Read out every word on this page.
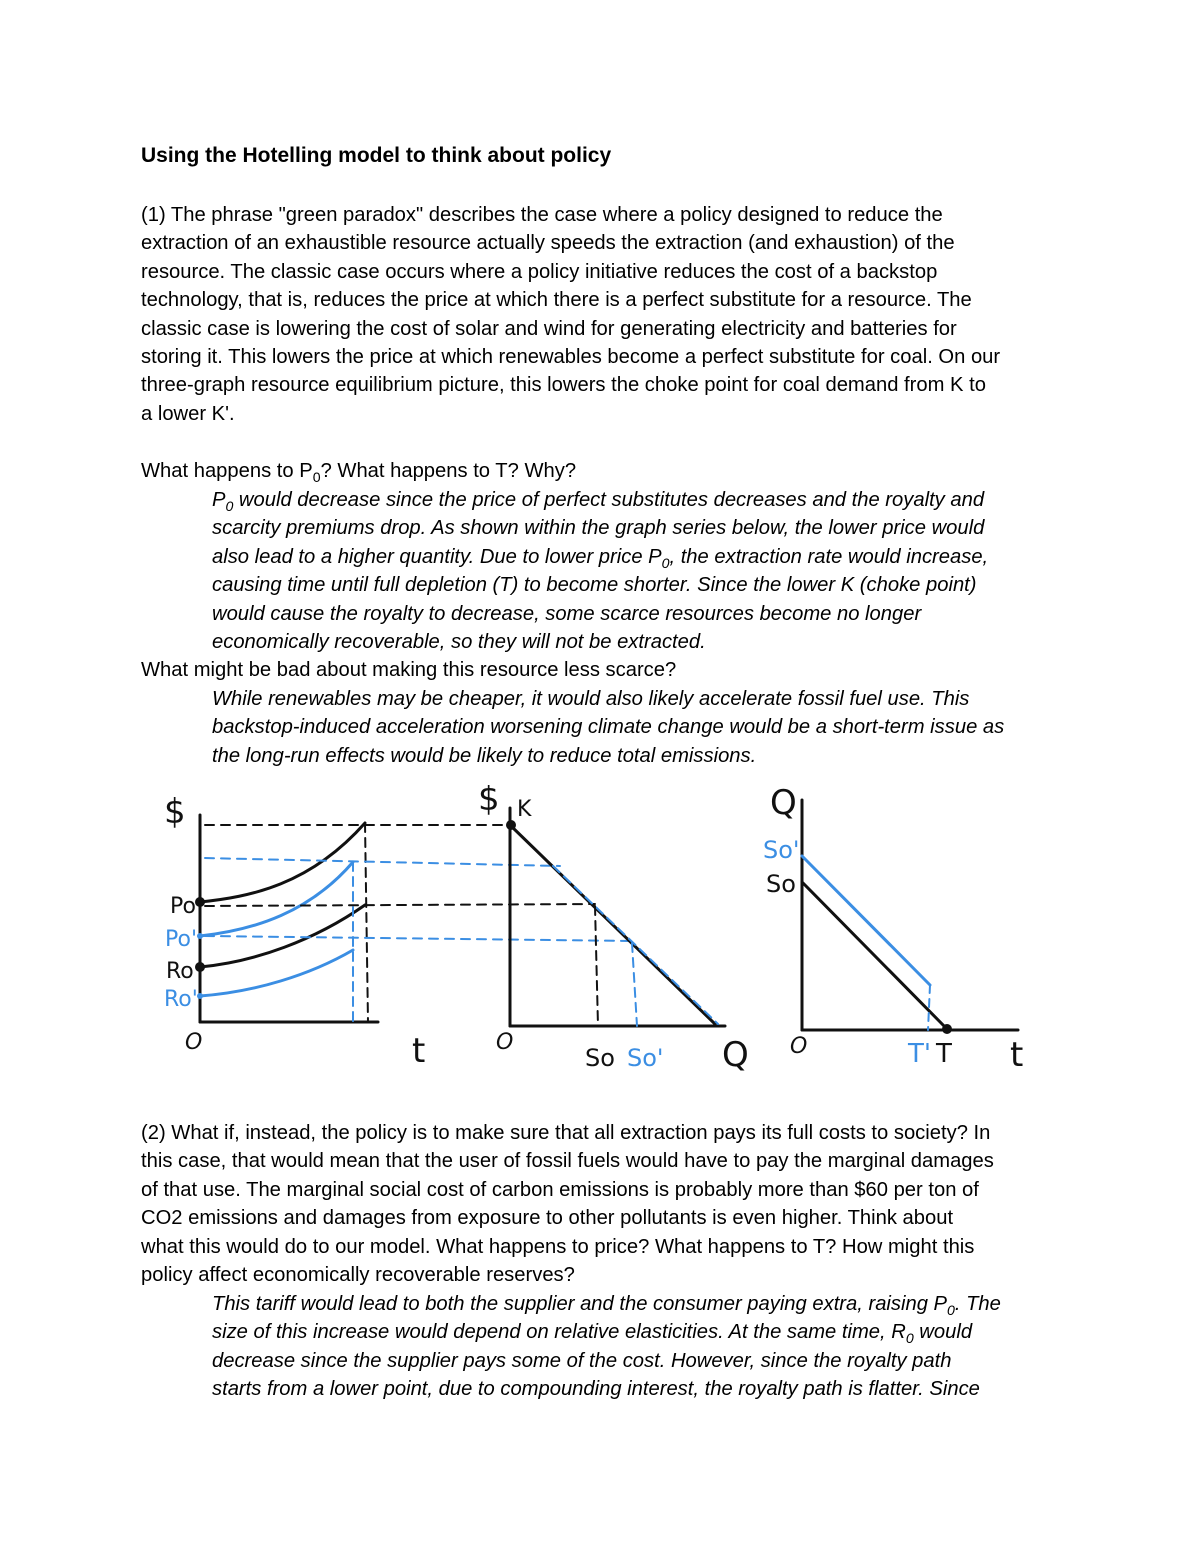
Using the Hotelling model to think about policy
(1) The phrase "green paradox" describes the case where a policy designed to reduce the
extraction of an exhaustible resource actually speeds the extraction (and exhaustion) of the
resource. The classic case occurs where a policy initiative reduces the cost of a backstop
technology, that is, reduces the price at which there is a perfect substitute for a resource. The
classic case is lowering the cost of solar and wind for generating electricity and batteries for
storing it. This lowers the price at which renewables become a perfect substitute for coal. On our
three-graph resource equilibrium picture, this lowers the choke point for coal demand from K to
a lower K'.
What happens to $P_0$? What happens to T? Why?
$P_0$ would decrease since the price of perfect substitutes decreases and the royalty and
scarcity premiums drop. As shown within the graph series below, the lower price would
also lead to a higher quantity. Due to lower price $P_0$, the extraction rate would increase,
causing time until full depletion (T) to become shorter. Since the lower K (choke point)
would cause the royalty to decrease, some scarce resources become no longer
economically recoverable, so they will not be extracted.
What might be bad about making this resource less scarce?
While renewables may be cheaper, it would also likely accelerate fossil fuel use. This
backstop-induced acceleration worsening climate change would be a short-term issue as
the long-run effects would be likely to reduce total emissions.
$
Po
Po'
Ro
Ro'
O	t
$ K
O
So So' Q
Q
So'
So
O	T' T t
(2) What if, instead, the policy is to make sure that all extraction pays its full costs to society? In
this case, that would mean that the user of fossil fuels would have to pay the marginal damages
of that use. The marginal social cost of carbon emissions is probably more than $60 per ton of
CO2 emissions and damages from exposure to other pollutants is even higher. Think about
what this would do to our model. What happens to price? What happens to T? How might this
policy affect economically recoverable reserves?
This tariff would lead to both the supplier and the consumer paying extra, raising $P_0$. The
size of this increase would depend on relative elasticities. At the same time, $R_0$ would
decrease since the supplier pays some of the cost. However, since the royalty path
starts from a lower point, due to compounding interest, the royalty path is flatter. Since
